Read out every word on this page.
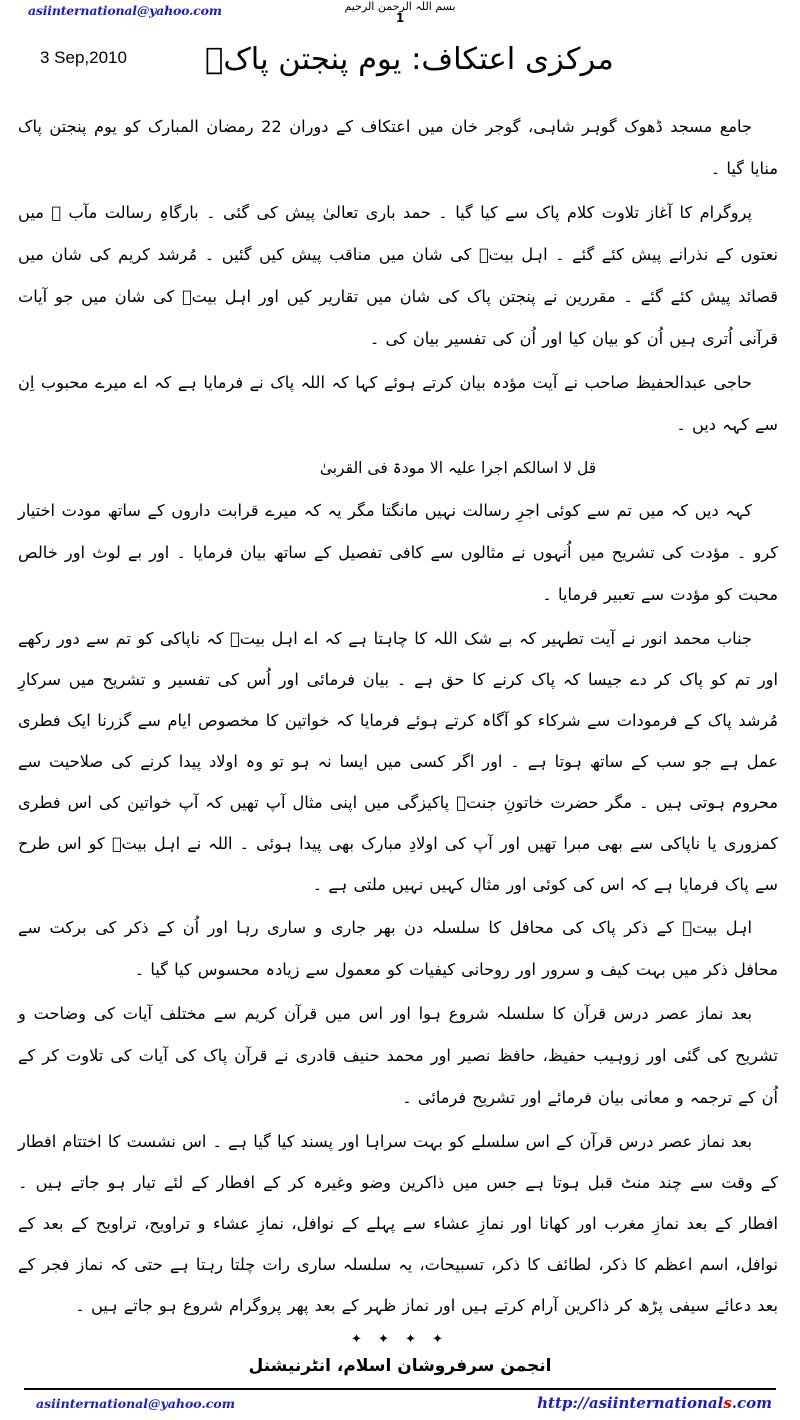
asiinternational@yahoo.com	بسم اللہ الرحمن الرحیم
1
مرکزی اعتکاف: یوم پنجتن پاکؑ
3 Sep,2010

جامع مسجد ڈھوک گوہر شاہی، گوجر خان میں اعتکاف کے دوران 22 رمضان المبارک کو یوم پنجتن پاک منایا گیا ۔

پروگرام کا آغاز تلاوت کلام پاک سے کیا گیا ۔ حمد باری تعالیٰ پیش کی گئی ۔ بارگاہِ رسالت مآب ﷺ میں نعتوں کے نذرانے پیش کئے گئے ۔ اہل بیتؑ کی شان میں مناقب پیش کیں گئیں ۔ مُرشد کریم کی شان میں قصائد پیش کئے گئے ۔ مقررین نے پنجتن پاک کی شان میں تقاریر کیں اور اہل بیتؑ کی شان میں جو آیات قرآنی اُتری ہیں اُن کو بیان کیا اور اُن کی تفسیر بیان کی ۔

حاجی عبدالحفیظ صاحب نے آیت مؤدہ بیان کرتے ہوئے کہا کہ اللہ پاک نے فرمایا ہے کہ اے میرے محبوب اِن سے کہہ دیں ۔

قل لا اسالکم اجرا علیہ الا مودۃ فی القربیٰ

کہہ دیں کہ میں تم سے کوئی اجرِ رسالت نہیں مانگتا مگر یہ کہ میرے قرابت داروں کے ساتھ مودت اختیار کرو ۔ مؤدت کی تشریح میں اُنہوں نے مثالوں سے کافی تفصیل کے ساتھ بیان فرمایا ۔ اور بے لوث اور خالص محبت کو مؤدت سے تعبیر فرمایا ۔

جناب محمد انور نے آیت تطہیر کہ بے شک اللہ کا چاہتا ہے کہ اے اہل بیتؑ کہ ناپاکی کو تم سے دور رکھے اور تم کو پاک کر دے جیسا کہ پاک کرنے کا حق ہے ۔ بیان فرمائی اور اُس کی تفسیر و تشریح میں سرکارِ مُرشد پاک کے فرمودات سے شرکاء کو آگاہ کرتے ہوئے فرمایا کہ خواتین کا مخصوص ایام سے گزرنا ایک فطری عمل ہے جو سب کے ساتھ ہوتا ہے ۔ اور اگر کسی میں ایسا نہ ہو تو وہ اولاد پیدا کرنے کی صلاحیت سے محروم ہوتی ہیں ۔ مگر حضرت خاتونِ جنتؑ پاکیزگی میں اپنی مثال آپ تھیں کہ آپ خواتین کی اس فطری کمزوری یا ناپاکی سے بھی مبرا تھیں اور آپ کی اولادِ مبارک بھی پیدا ہوئی ۔ اللہ نے اہل بیتؑ کو اس طرح سے پاک فرمایا ہے کہ اس کی کوئی اور مثال کہیں نہیں ملتی ہے ۔

اہل بیتؑ کے ذکر پاک کی محافل کا سلسلہ دن بھر جاری و ساری رہا اور اُن کے ذکر کی برکت سے محافل ذکر میں بہت کیف و سرور اور روحانی کیفیات کو معمول سے زیادہ محسوس کیا گیا ۔

بعد نماز عصر درس قرآن کا سلسلہ شروع ہوا اور اس میں قرآن کریم سے مختلف آیات کی وضاحت و تشریح کی گئی اور زوہیب حفیظ، حافظ نصیر اور محمد حنیف قادری نے قرآن پاک کی آیات کی تلاوت کر کے اُن کے ترجمہ و معانی بیان فرمائے اور تشریح فرمائی ۔

بعد نماز عصر درس قرآن کے اس سلسلے کو بہت سراہا اور پسند کیا گیا ہے ۔ اس نشست کا اختتام افطار کے وقت سے چند منٹ قبل ہوتا ہے جس میں ذاکرین وضو وغیرہ کر کے افطار کے لئے تیار ہو جاتے ہیں ۔ افطار کے بعد نمازِ مغرب اور کھانا اور نمازِ عشاء سے پہلے کے نوافل، نمازِ عشاء و تراویح، تراویح کے بعد کے نوافل، اسم اعظم کا ذکر، لطائف کا ذکر، تسبیحات، یہ سلسلہ ساری رات چلتا رہتا ہے حتی کہ نماز فجر کے بعد دعائے سیفی پڑھ کر ذاکرین آرام کرتے ہیں اور نماز ظہر کے بعد پھر پروگرام شروع ہو جاتے ہیں ۔

✦ ✦ ✦ ✦
انجمن سرفروشان اسلام، انٹرنیشنل
asiinternational@yahoo.com	http://asiinternationals.com
